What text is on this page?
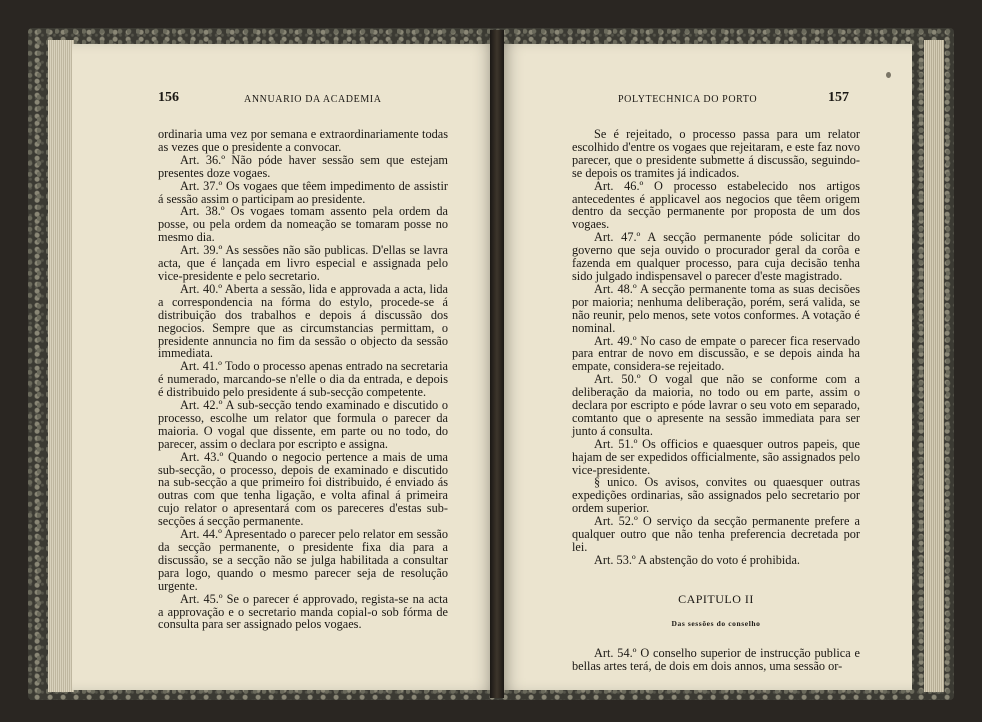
156	ANNUARIO DA ACADEMIA

ordinaria uma vez por semana e extraordinariamente todas as vezes que o presidente a convocar.

Art. 36.º Não póde haver sessão sem que estejam presentes doze vogaes.

Art. 37.º Os vogaes que têem impedimento de assistir á sessão assim o participam ao presidente.

Art. 38.º Os vogaes tomam assento pela ordem da posse, ou pela ordem da nomeação se tomaram posse no mesmo dia.

Art. 39.º As sessões não são publicas. D'ellas se lavra acta, que é lançada em livro especial e assignada pelo vice-presidente e pelo secretario.

Art. 40.º Aberta a sessão, lida e approvada a acta, lida a correspondencia na fórma do estylo, procede-se á distribuição dos trabalhos e depois á discussão dos negocios. Sempre que as circumstancias permittam, o presidente annuncia no fim da sessão o objecto da sessão immediata.

Art. 41.º Todo o processo apenas entrado na secretaria é numerado, marcando-se n'elle o dia da entrada, e depois é distribuido pelo presidente á sub-secção competente.

Art. 42.º A sub-secção tendo examinado e discutido o processo, escolhe um relator que formula o parecer da maioria. O vogal que dissente, em parte ou no todo, do parecer, assim o declara por escripto e assigna.

Art. 43.º Quando o negocio pertence a mais de uma sub-secção, o processo, depois de examinado e discutido na sub-secção a que primeiro foi distribuido, é enviado ás outras com que tenha ligação, e volta afinal á primeira cujo relator o apresentará com os pareceres d'estas sub-secções á secção permanente.

Art. 44.º Apresentado o parecer pelo relator em sessão da secção permanente, o presidente fixa dia para a discussão, se a secção não se julga habilitada a consultar para logo, quando o mesmo parecer seja de resolução urgente.

Art. 45.º Se o parecer é approvado, regista-se na acta a approvação e o secretario manda copial-o sob fórma de consulta para ser assignado pelos vogaes.

POLYTECHNICA DO PORTO	157

Se é rejeitado, o processo passa para um relator escolhido d'entre os vogaes que rejeitaram, e este faz novo parecer, que o presidente submette á discussão, seguindo-se depois os tramites já indicados.

Art. 46.º O processo estabelecido nos artigos antecedentes é applicavel aos negocios que têem origem dentro da secção permanente por proposta de um dos vogaes.

Art. 47.º A secção permanente póde solicitar do governo que seja ouvido o procurador geral da corôa e fazenda em qualquer processo, para cuja decisão tenha sido julgado indispensavel o parecer d'este magistrado.

Art. 48.º A secção permanente toma as suas decisões por maioria; nenhuma deliberação, porém, será valida, se não reunir, pelo menos, sete votos conformes. A votação é nominal.

Art. 49.º No caso de empate o parecer fica reservado para entrar de novo em discussão, e se depois ainda ha empate, considera-se rejeitado.

Art. 50.º O vogal que não se conforme com a deliberação da maioria, no todo ou em parte, assim o declara por escripto e póde lavrar o seu voto em separado, comtanto que o apresente na sessão immediata para ser junto á consulta.

Art. 51.º Os officios e quaesquer outros papeis, que hajam de ser expedidos officialmente, são assignados pelo vice-presidente.

§ unico. Os avisos, convites ou quaesquer outras expedições ordinarias, são assignados pelo secretario por ordem superior.

Art. 52.º O serviço da secção permanente prefere a qualquer outro que não tenha preferencia decretada por lei.

Art. 53.º A abstenção do voto é prohibida.

CAPITULO II
Das sessões do conselho

Art. 54.º O conselho superior de instrucção publica e bellas artes terá, de dois em dois annos, uma sessão or-
